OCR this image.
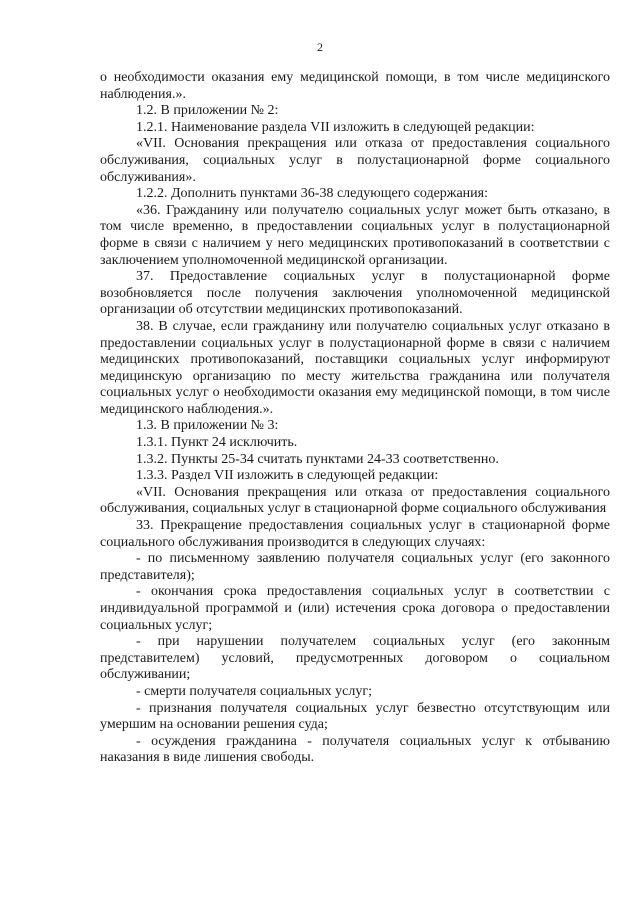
2

о необходимости оказания ему медицинской помощи, в том числе медицинского наблюдения.».

1.2. В приложении № 2:

1.2.1. Наименование раздела VII изложить в следующей редакции:

«VII. Основания прекращения или отказа от предоставления социального обслуживания, социальных услуг в полустационарной форме социального обслуживания».

1.2.2. Дополнить пунктами 36-38 следующего содержания:

«36. Гражданину или получателю социальных услуг может быть отказано, в том числе временно, в предоставлении социальных услуг в полустационарной форме в связи с наличием у него медицинских противопоказаний в соответствии с заключением уполномоченной медицинской организации.

37. Предоставление социальных услуг в полустационарной форме возобновляется после получения заключения уполномоченной медицинской организации об отсутствии медицинских противопоказаний.

38. В случае, если гражданину или получателю социальных услуг отказано в предоставлении социальных услуг в полустационарной форме в связи с наличием медицинских противопоказаний, поставщики социальных услуг информируют медицинскую организацию по месту жительства гражданина или получателя социальных услуг о необходимости оказания ему медицинской помощи, в том числе медицинского наблюдения.».

1.3. В приложении № 3:

1.3.1. Пункт 24 исключить.

1.3.2. Пункты 25-34 считать пунктами 24-33 соответственно.

1.3.3. Раздел VII изложить в следующей редакции:

«VII. Основания прекращения или отказа от предоставления социального обслуживания, социальных услуг в стационарной форме социального обслуживания

33. Прекращение предоставления социальных услуг в стационарной форме социального обслуживания производится в следующих случаях:

- по письменному заявлению получателя социальных услуг (его законного представителя);

- окончания срока предоставления социальных услуг в соответствии с индивидуальной программой и (или) истечения срока договора о предоставлении социальных услуг;

- при нарушении получателем социальных услуг (его законным представителем) условий, предусмотренных договором о социальном обслуживании;

- смерти получателя социальных услуг;

- признания получателя социальных услуг безвестно отсутствующим или умершим на основании решения суда;

- осуждения гражданина - получателя социальных услуг к отбыванию наказания в виде лишения свободы.
